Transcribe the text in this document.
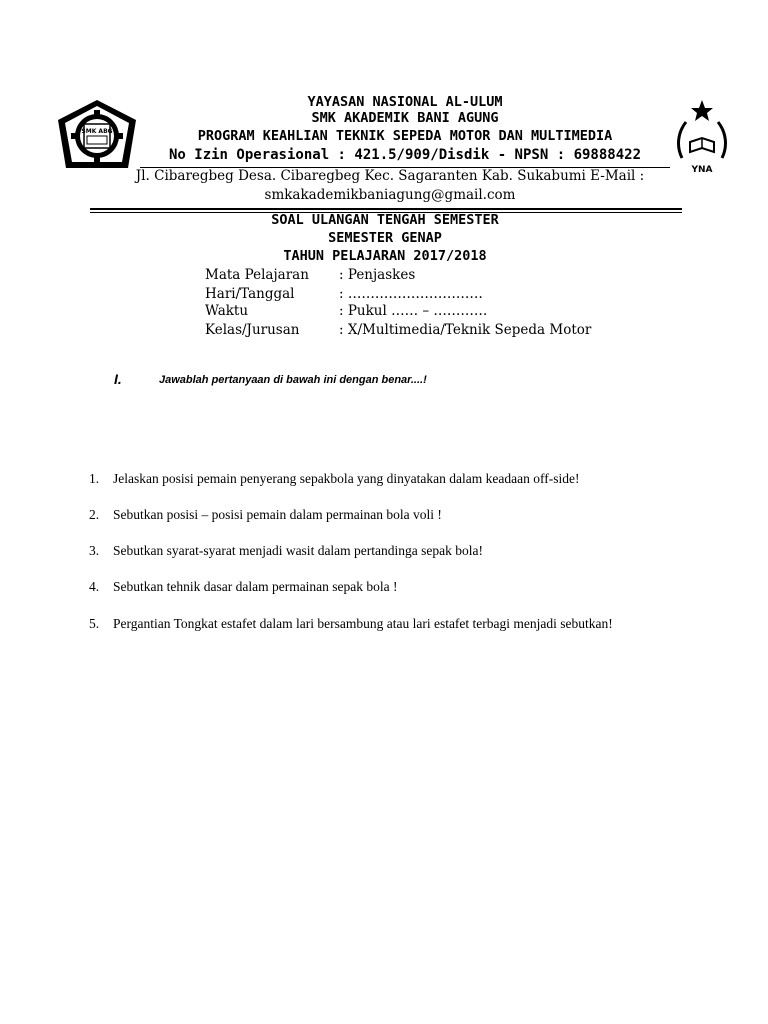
SMK ABG
YNA
YAYASAN NASIONAL AL-ULUM
SMK AKADEMIK BANI AGUNG
PROGRAM KEAHLIAN TEKNIK SEPEDA MOTOR DAN MULTIMEDIA
No Izin Operasional : 421.5/909/Disdik - NPSN : 69888422
Jl. Cibaregbeg Desa. Cibaregbeg Kec. Sagaranten Kab. Sukabumi E-Mail :
smkakademikbaniagung@gmail.com
SOAL ULANGAN TENGAH SEMESTER
SEMESTER GENAP
TAHUN PELAJARAN 2017/2018
Mata Pelajaran : Penjaskes
Hari/Tanggal	: …………………………
Waktu	: Pukul …… – …………
Kelas/Jurusan	: X/Multimedia/Teknik Sepeda Motor
I.	Jawablah pertanyaan di bawah ini dengan benar....!
1. Jelaskan posisi pemain penyerang sepakbola yang dinyatakan dalam keadaan off-side!
2. Sebutkan posisi – posisi pemain dalam permainan bola voli !
3. Sebutkan syarat-syarat menjadi wasit dalam pertandinga sepak bola!
4. Sebutkan tehnik dasar dalam permainan sepak bola !
5. Pergantian Tongkat estafet dalam lari bersambung atau lari estafet terbagi menjadi sebutkan!
